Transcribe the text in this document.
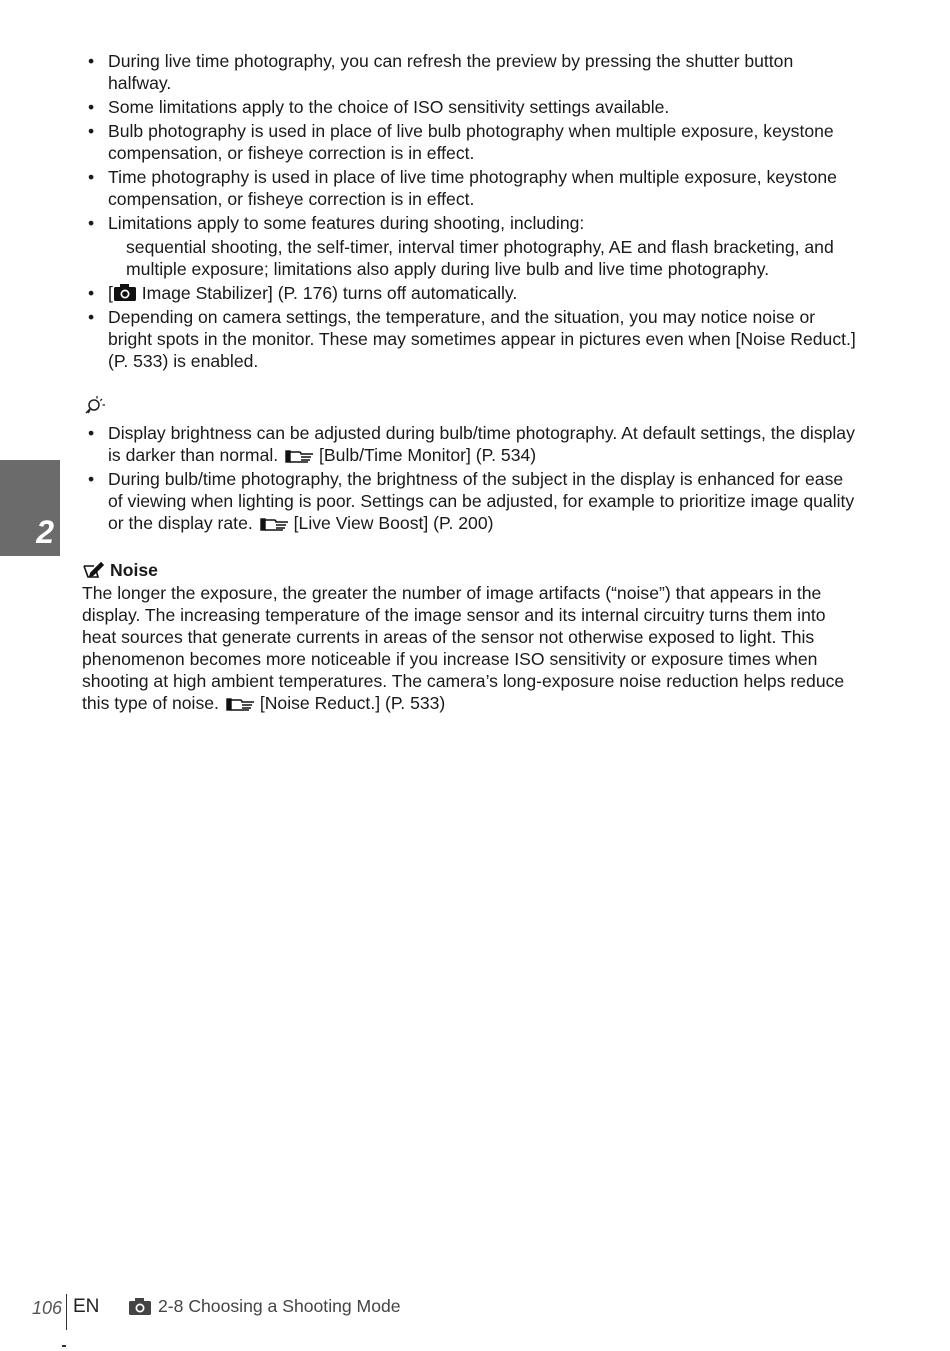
• During live time photography, you can refresh the preview by pressing the shutter button halfway.
• Some limitations apply to the choice of ISO sensitivity settings available.
• Bulb photography is used in place of live bulb photography when multiple exposure, keystone compensation, or fisheye correction is in effect.
• Time photography is used in place of live time photography when multiple exposure, keystone compensation, or fisheye correction is in effect.
• Limitations apply to some features during shooting, including:
sequential shooting, the self-timer, interval timer photography, AE and flash bracketing, and multiple exposure; limitations also apply during live bulb and live time photography.
• [ Image Stabilizer] (P. 176) turns off automatically.
• Depending on camera settings, the temperature, and the situation, you may notice noise or bright spots in the monitor. These may sometimes appear in pictures even when [Noise Reduct.] (P. 533) is enabled.
• Display brightness can be adjusted during bulb/time photography. At default settings, the display is darker than normal. [Bulb/Time Monitor] (P. 534)
• During bulb/time photography, the brightness of the subject in the display is enhanced for ease of viewing when lighting is poor. Settings can be adjusted, for example to prioritize image quality or the display rate. [Live View Boost] (P. 200)
Noise

The longer the exposure, the greater the number of image artifacts (“noise”) that appears in the display. The increasing temperature of the image sensor and its internal circuitry turns them into heat sources that generate currents in areas of the sensor not otherwise exposed to light. This phenomenon becomes more noticeable if you increase ISO sensitivity or exposure times when shooting at high ambient temperatures. The camera’s long-exposure noise reduction helps reduce this type of noise. [Noise Reduct.] (P. 533)

2
106 EN	2-8 Choosing a Shooting Mode
